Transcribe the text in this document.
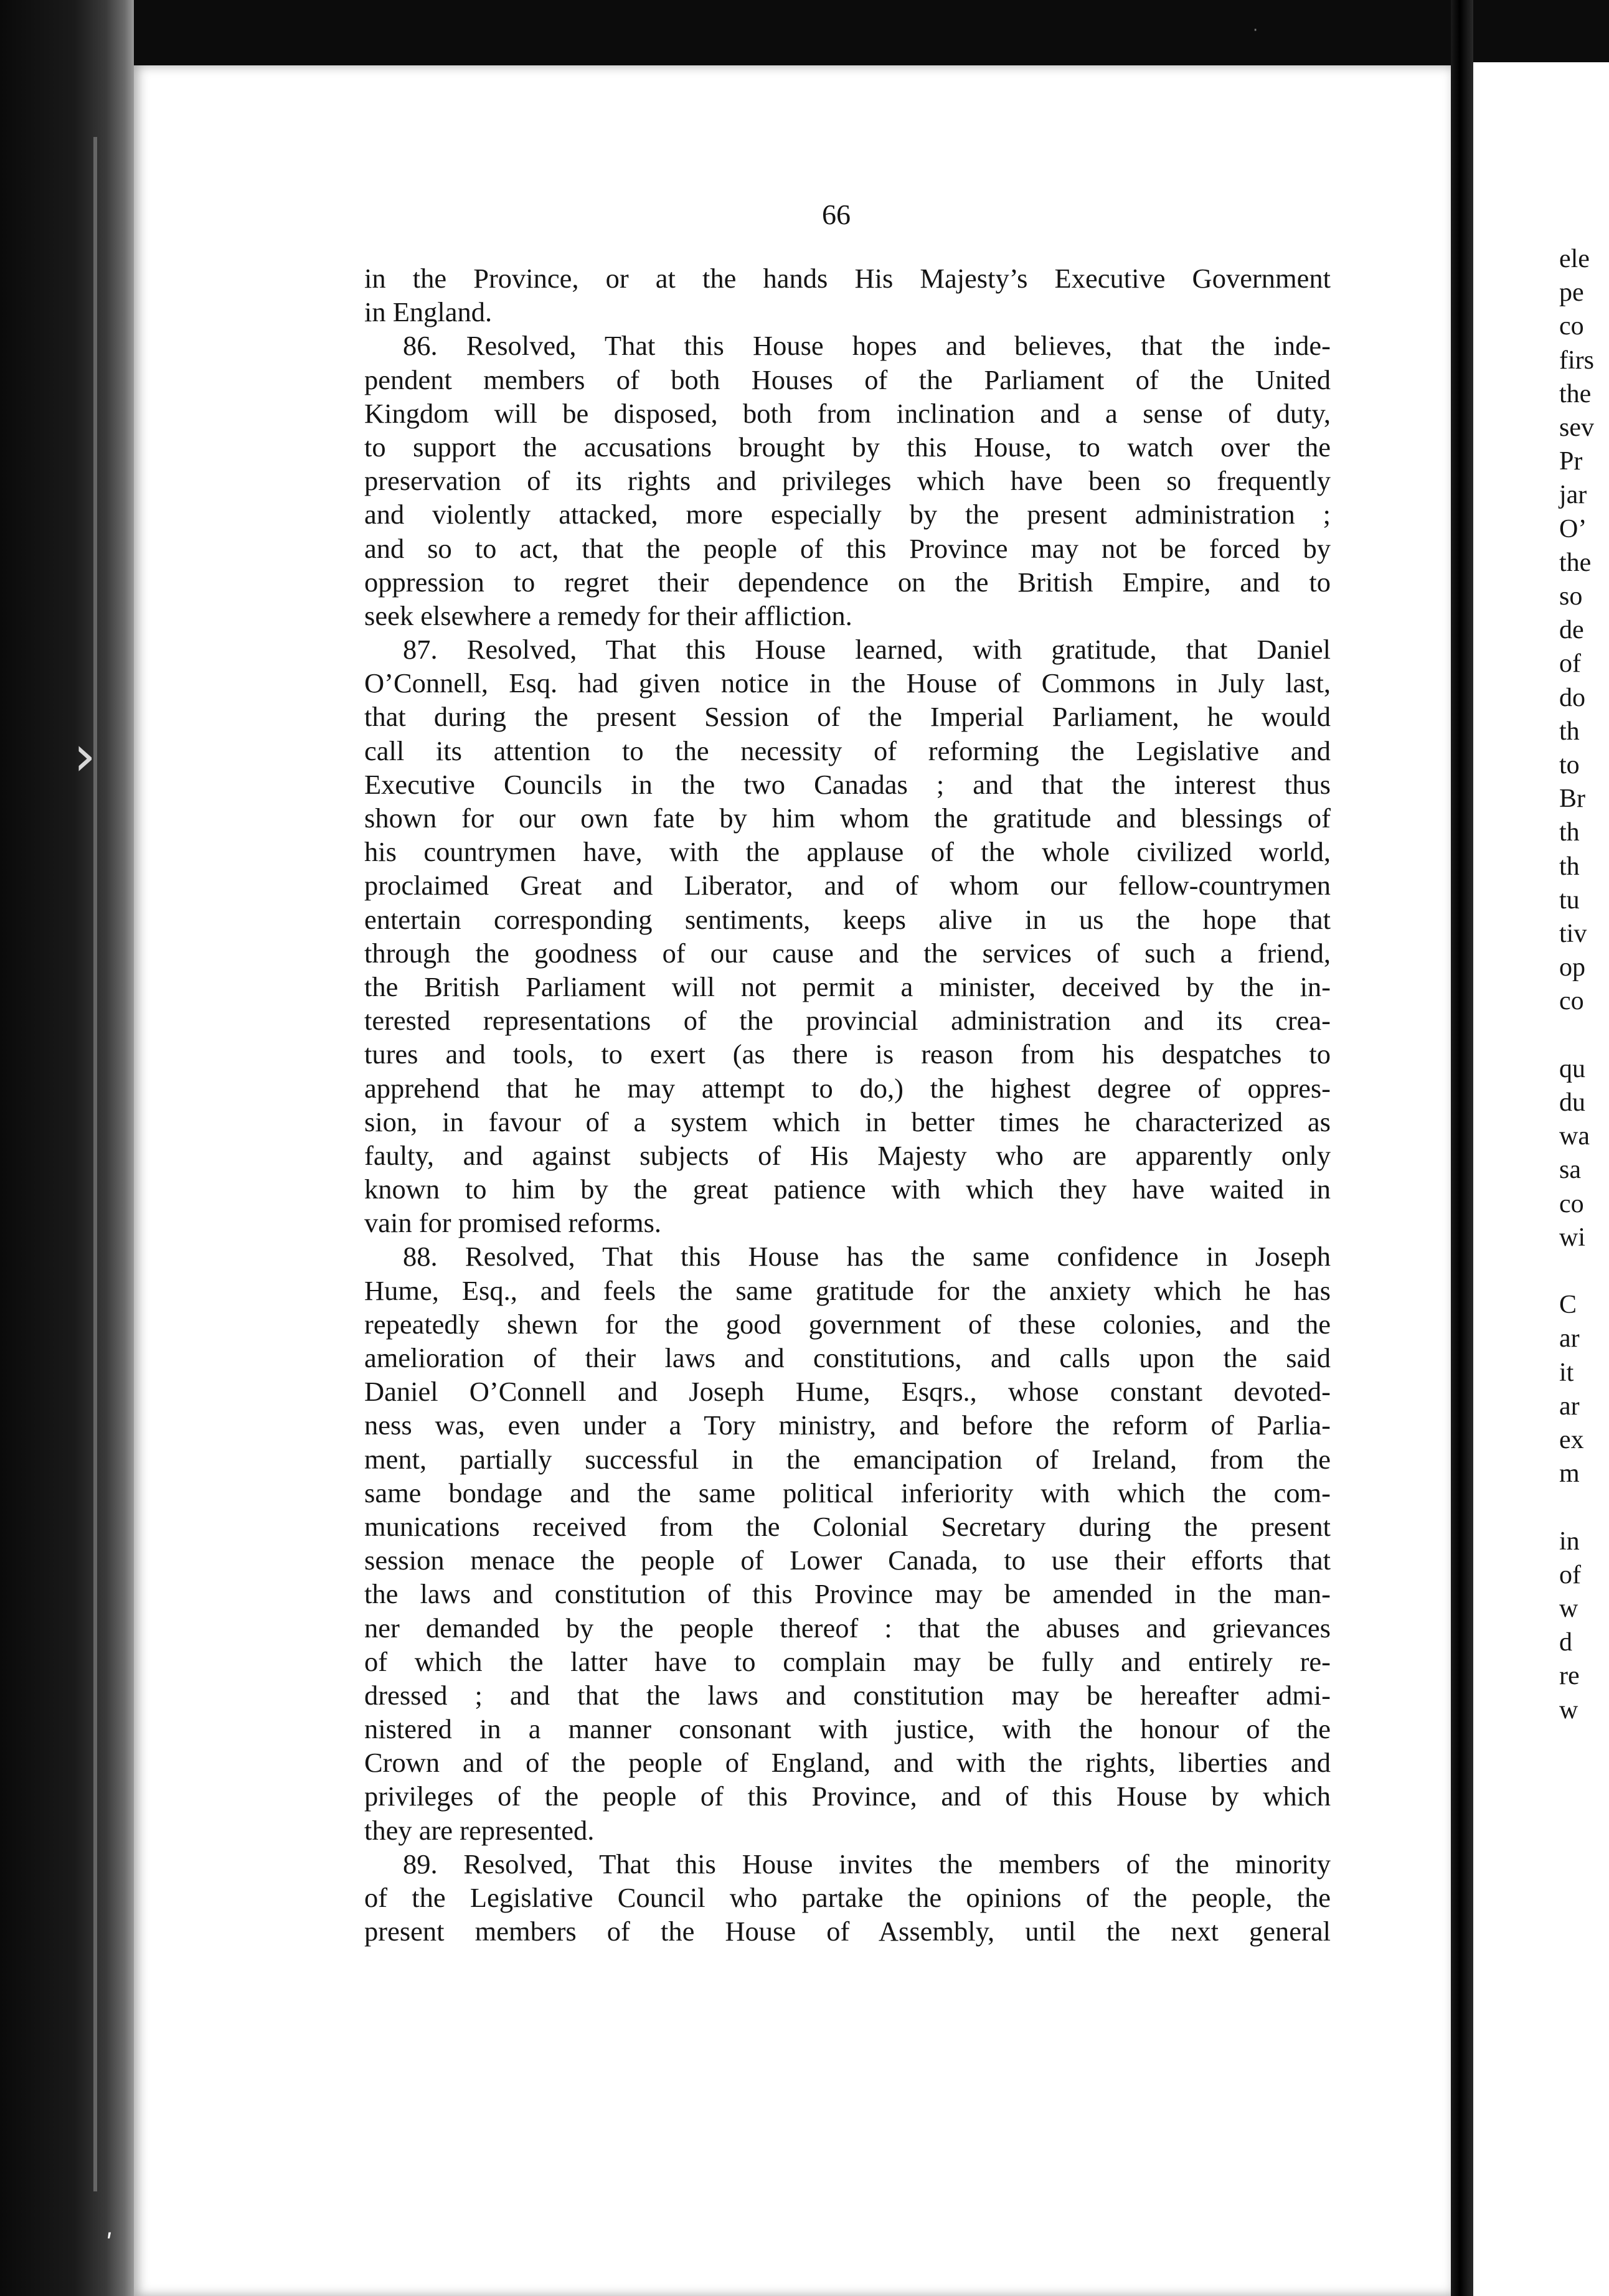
›
ele
pe
co
firs
the
sev
Pr
jar
O’
the
so
de
of
do
th
to
Br
th
th
tu
tiv
op
co
qu
du
wa
sa
co
wi
C
ar
it
ar
ex
m
in
of
w
d
re
w
·
ʹ
66
in the Province, or at the hands His Majesty’s Executive Government
in England.
86. Resolved, That this House hopes and believes, that the inde-
pendent members of both Houses of the Parliament of the United
Kingdom will be disposed, both from inclination and a sense of duty,
to support the accusations brought by this House, to watch over the
preservation of its rights and privileges which have been so frequently
and violently attacked, more especially by the present administration ;
and so to act, that the people of this Province may not be forced by
oppression to regret their dependence on the British Empire, and to
seek elsewhere a remedy for their affliction.
87. Resolved, That this House learned, with gratitude, that Daniel
O’Connell, Esq. had given notice in the House of Commons in July last,
that during the present Session of the Imperial Parliament, he would
call its attention to the necessity of reforming the Legislative and
Executive Councils in the two Canadas ; and that the interest thus
shown for our own fate by him whom the gratitude and blessings of
his countrymen have, with the applause of the whole civilized world,
proclaimed Great and Liberator, and of whom our fellow-countrymen
entertain corresponding sentiments, keeps alive in us the hope that
through the goodness of our cause and the services of such a friend,
the British Parliament will not permit a minister, deceived by the in-
terested representations of the provincial administration and its crea-
tures and tools, to exert (as there is reason from his despatches to
apprehend that he may attempt to do,) the highest degree of oppres-
sion, in favour of a system which in better times he characterized as
faulty, and against subjects of His Majesty who are apparently only
known to him by the great patience with which they have waited in
vain for promised reforms.
88. Resolved, That this House has the same confidence in Joseph
Hume, Esq., and feels the same gratitude for the anxiety which he has
repeatedly shewn for the good government of these colonies, and the
amelioration of their laws and constitutions, and calls upon the said
Daniel O’Connell and Joseph Hume, Esqrs., whose constant devoted-
ness was, even under a Tory ministry, and before the reform of Parlia-
ment, partially successful in the emancipation of Ireland, from the
same bondage and the same political inferiority with which the com-
munications received from the Colonial Secretary during the present
session menace the people of Lower Canada, to use their efforts that
the laws and constitution of this Province may be amended in the man-
ner demanded by the people thereof : that the abuses and grievances
of which the latter have to complain may be fully and entirely re-
dressed ; and that the laws and constitution may be hereafter admi-
nistered in a manner consonant with justice, with the honour of the
Crown and of the people of England, and with the rights, liberties and
privileges of the people of this Province, and of this House by which
they are represented.
89. Resolved, That this House invites the members of the minority
of the Legislative Council who partake the opinions of the people, the
present members of the House of Assembly, until the next general
